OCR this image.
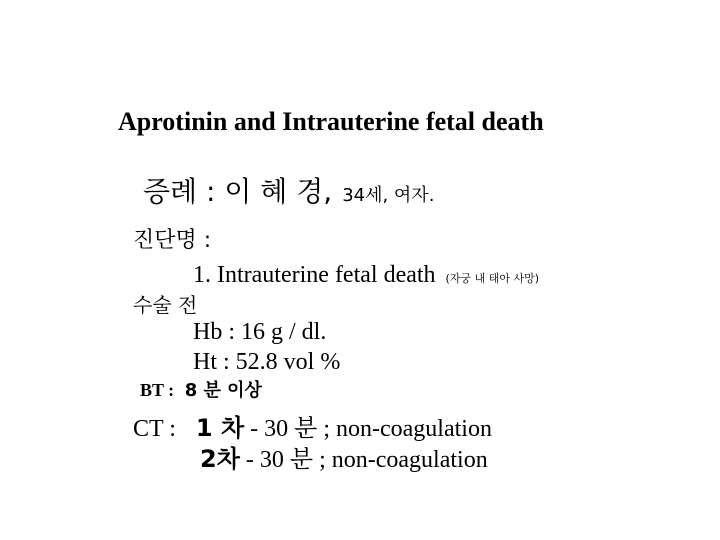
Aprotinin and Intrauterine fetal death
증례 : 이 혜 경, 34세, 여자.
진단명 :
1. Intrauterine fetal death (자궁 내 태아 사망)
수술 전
Hb : 16 g / dl.
Ht : 52.8 vol %
BT : 8 분 이상
CT : 1 차 - 30 분 ; non-coagulation
2차 - 30 분 ; non-coagulation
